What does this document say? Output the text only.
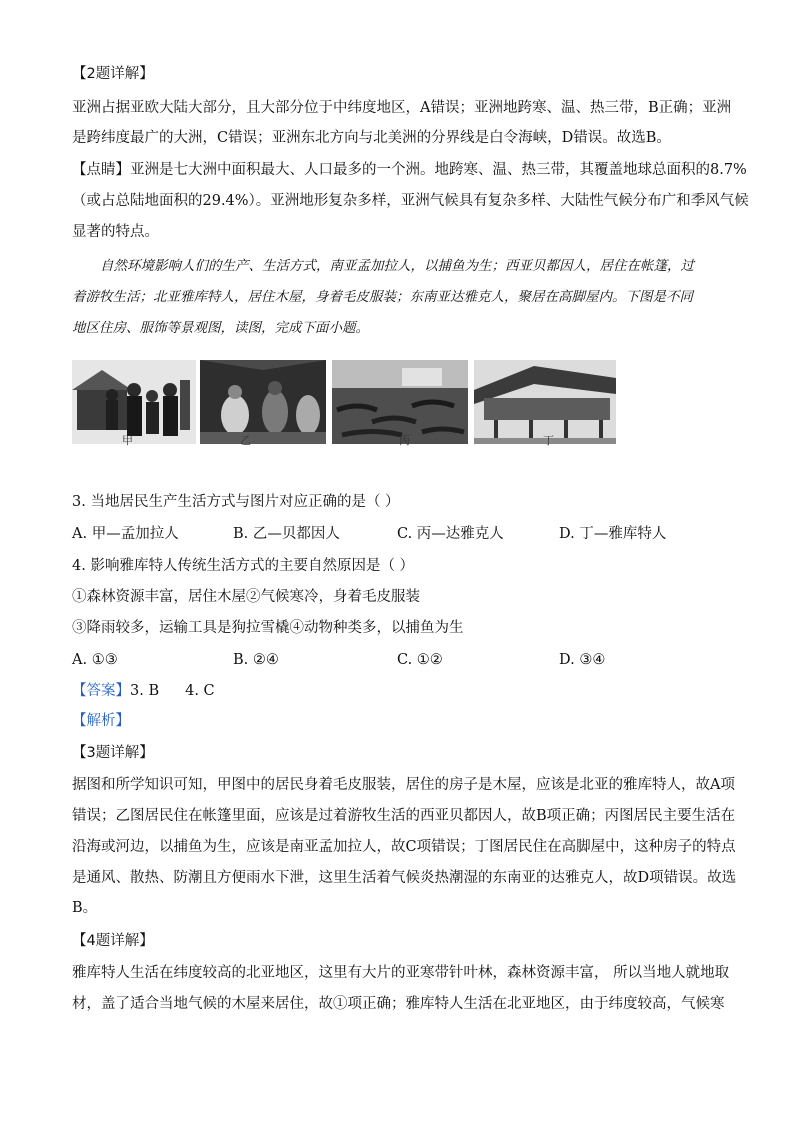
【2题详解】
亚洲占据亚欧大陆大部分，且大部分位于中纬度地区，A错误；亚洲地跨寒、温、热三带，B正确；亚洲
是跨纬度最广的大洲，C错误；亚洲东北方向与北美洲的分界线是白令海峡，D错误。故选B。
【点睛】亚洲是七大洲中面积最大、人口最多的一个洲。地跨寒、温、热三带，其覆盖地球总面积的8.7%
（或占总陆地面积的29.4%）。亚洲地形复杂多样，亚洲气候具有复杂多样、大陆性气候分布广和季风气候
显著的特点。
自然环境影响人们的生产、生活方式，南亚孟加拉人，以捕鱼为生；西亚贝都因人，居住在帐篷，过
着游牧生活；北亚雅库特人，居住木屋，身着毛皮服装；东南亚达雅克人，聚居在高脚屋内。下图是不同
地区住房、服饰等景观图，读图，完成下面小题。
甲	乙	丙	丁
3. 当地居民生产生活方式与图片对应正确的是（ ）
A. 甲—孟加拉人	B. 乙—贝都因人	C. 丙—达雅克人	D. 丁—雅库特人
4. 影响雅库特人传统生活方式的主要自然原因是（ ）
①森林资源丰富，居住木屋②气候寒冷，身着毛皮服装
③降雨较多，运输工具是狗拉雪橇④动物种类多，以捕鱼为生
A. ①③	B. ②④	C. ①②	D. ③④
【答案】3. B 4. C
【解析】
【3题详解】
据图和所学知识可知，甲图中的居民身着毛皮服装，居住的房子是木屋，应该是北亚的雅库特人，故A项
错误；乙图居民住在帐篷里面，应该是过着游牧生活的西亚贝都因人，故B项正确；丙图居民主要生活在
沿海或河边，以捕鱼为生，应该是南亚孟加拉人，故C项错误；丁图居民住在高脚屋中，这种房子的特点
是通风、散热、防潮且方便雨水下泄，这里生活着气候炎热潮湿的东南亚的达雅克人，故D项错误。故选
B。
【4题详解】
雅库特人生活在纬度较高的北亚地区，这里有大片的亚寒带针叶林，森林资源丰富， 所以当地人就地取
材，盖了适合当地气候的木屋来居住，故①项正确；雅库特人生活在北亚地区，由于纬度较高，气候寒
